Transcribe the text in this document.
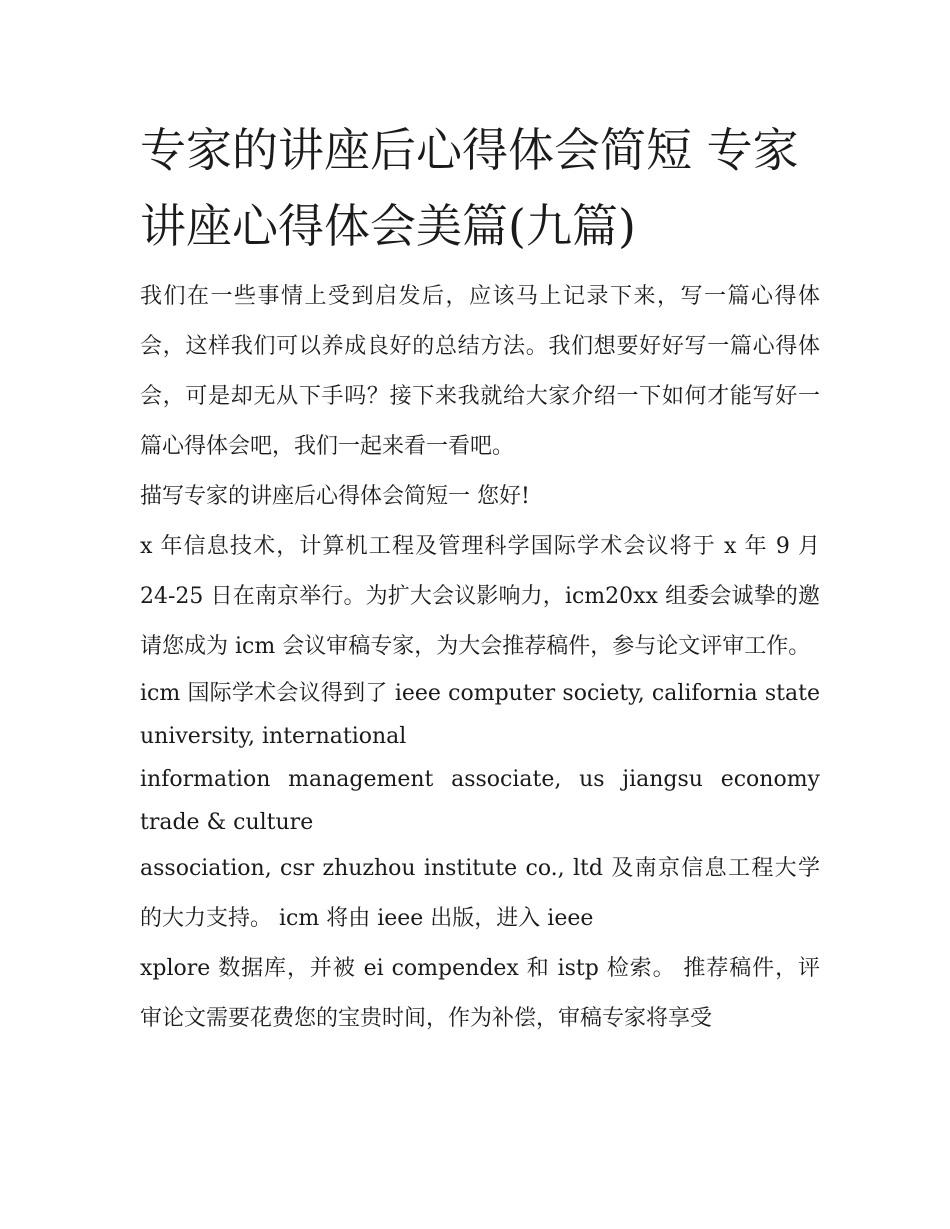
专家的讲座后心得体会简短 专家讲座心得体会美篇(九篇)

我们在一些事情上受到启发后，应该马上记录下来，写一篇心得体会，这样我们可以养成良好的总结方法。我们想要好好写一篇心得体会，可是却无从下手吗？接下来我就给大家介绍一下如何才能写好一篇心得体会吧，我们一起来看一看吧。

描写专家的讲座后心得体会简短一 您好!

x 年信息技术，计算机工程及管理科学国际学术会议将于 x 年 9 月 24-25 日在南京举行。为扩大会议影响力，icm20xx 组委会诚挚的邀请您成为 icm 会议审稿专家，为大会推荐稿件，参与论文评审工作。

icm 国际学术会议得到了 ieee computer society, california state university, international

information management associate, us jiangsu economy trade & culture

association, csr zhuzhou institute co., ltd 及南京信息工程大学的大力支持。 icm 将由 ieee 出版，进入 ieee

xplore 数据库，并被 ei compendex 和 istp 检索。 推荐稿件，评审论文需要花费您的宝贵时间，作为补偿，审稿专家将享受
